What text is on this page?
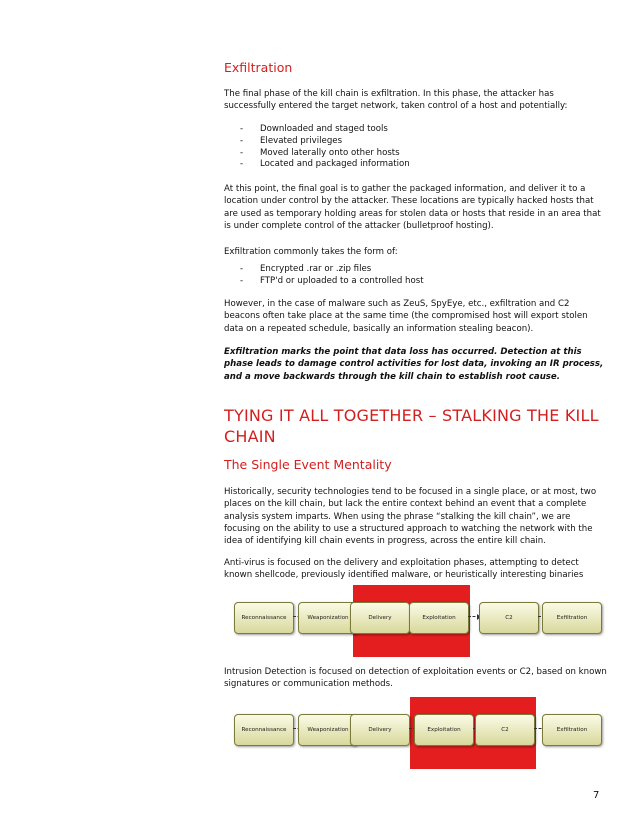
Exfiltration
The final phase of the kill chain is exfiltration. In this phase, the attacker has successfully entered the target network, taken control of a host and potentially:
- Downloaded and staged tools
- Elevated privileges
- Moved laterally onto other hosts
- Located and packaged information
At this point, the final goal is to gather the packaged information, and deliver it to a location under control by the attacker. These locations are typically hacked hosts that are used as temporary holding areas for stolen data or hosts that reside in an area that is under complete control of the attacker (bulletproof hosting).
Exfiltration commonly takes the form of:
- Encrypted .rar or .zip files
- FTP'd or uploaded to a controlled host
However, in the case of malware such as ZeuS, SpyEye, etc., exfiltration and C2 beacons often take place at the same time (the compromised host will export stolen data on a repeated schedule, basically an information stealing beacon).
Exfiltration marks the point that data loss has occurred. Detection at this phase leads to damage control activities for lost data, invoking an IR process, and a move backwards through the kill chain to establish root cause.
TYING IT ALL TOGETHER – STALKING THE KILL CHAIN
The Single Event Mentality
Historically, security technologies tend to be focused in a single place, or at most, two places on the kill chain, but lack the entire context behind an event that a complete analysis system imparts. When using the phrase “stalking the kill chain”, we are focusing on the ability to use a structured approach to watching the network with the idea of identifying kill chain events in progress, across the entire kill chain.
Anti-virus is focused on the delivery and exploitation phases, attempting to detect known shellcode, previously identified malware, or heuristically interesting binaries
Reconnaissance	Weaponization	Delivery	Exploitation	C2	Exfiltration
Intrusion Detection is focused on detection of exploitation events or C2, based on known signatures or communication methods.
Reconnaissance	Weaponization	Delivery	Exploitation	C2	Exfiltration
7
